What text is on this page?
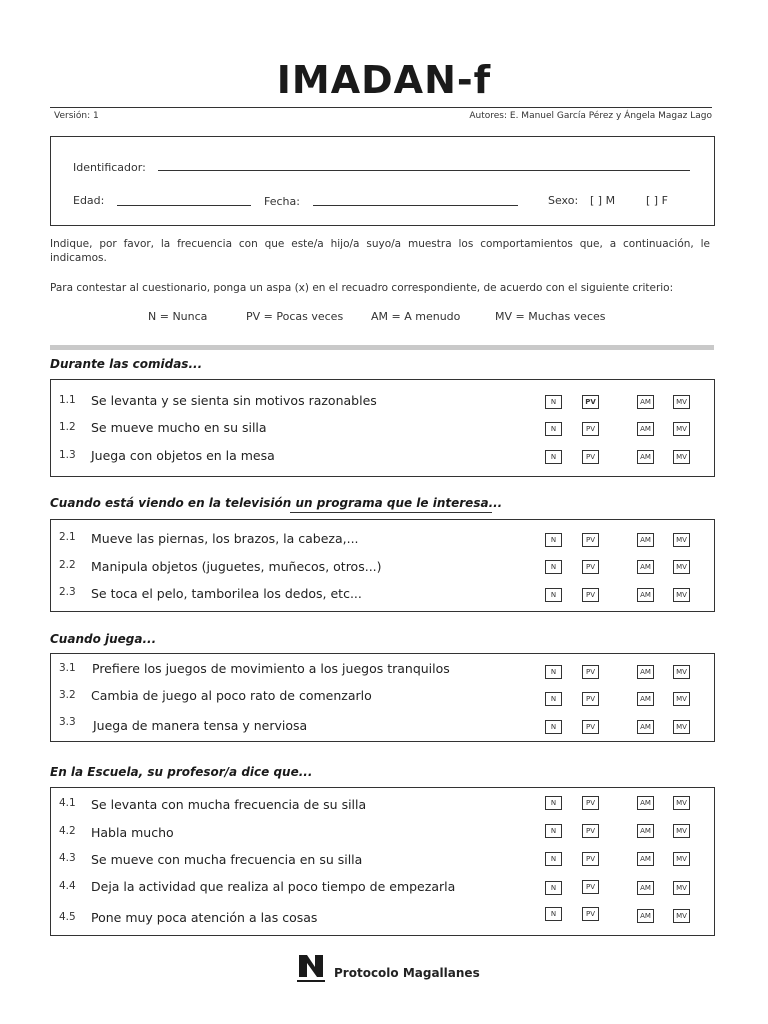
IMADAN-f
Versión: 1	Autores: E. Manuel García Pérez y Ángela Magaz Lago
Identificador:
Edad:	Fecha:	Sexo: [ ] M	[ ] F
Indique, por favor, la frecuencia con que este/a hijo/a suyo/a muestra los comportamientos que, a continuación, le indicamos.
Para contestar al cuestionario, ponga un aspa (x) en el recuadro correspondiente, de acuerdo con el siguiente criterio:
N = Nunca	PV = Pocas veces	AM = A menudo	MV = Muchas veces
Durante las comidas...
1.1 Se levanta y se sienta sin motivos razonables	N	PV	AM	MV
1.2 Se mueve mucho en su silla	N	PV	AM	MV
1.3 Juega con objetos en la mesa	N	PV	AM	MV
Cuando está viendo en la televisión un programa que le interesa...
2.1 Mueve las piernas, los brazos, la cabeza,...	N	PV	AM	MV
2.2 Manipula objetos (juguetes, muñecos, otros...)	N	PV	AM	MV
2.3 Se toca el pelo, tamborilea los dedos, etc...	N	PV	AM	MV
Cuando juega...
3.1 Prefiere los juegos de movimiento a los juegos tranquilos	N	PV	AM	MV
3.2 Cambia de juego al poco rato de comenzarlo	N	PV	AM	MV
3.3 Juega de manera tensa y nerviosa	N	PV	AM	MV
En la Escuela, su profesor/a dice que...
4.1 Se levanta con mucha frecuencia de su silla	N	PV	AM	MV
4.2 Habla mucho	N	PV	AM	MV
4.3 Se mueve con mucha frecuencia en su silla	N	PV	AM	MV
4.4 Deja la actividad que realiza al poco tiempo de empezarla	N	PV	AM	MV
4.5 Pone muy poca atención a las cosas	N	PV	AM	MV
Protocolo Magallanes
